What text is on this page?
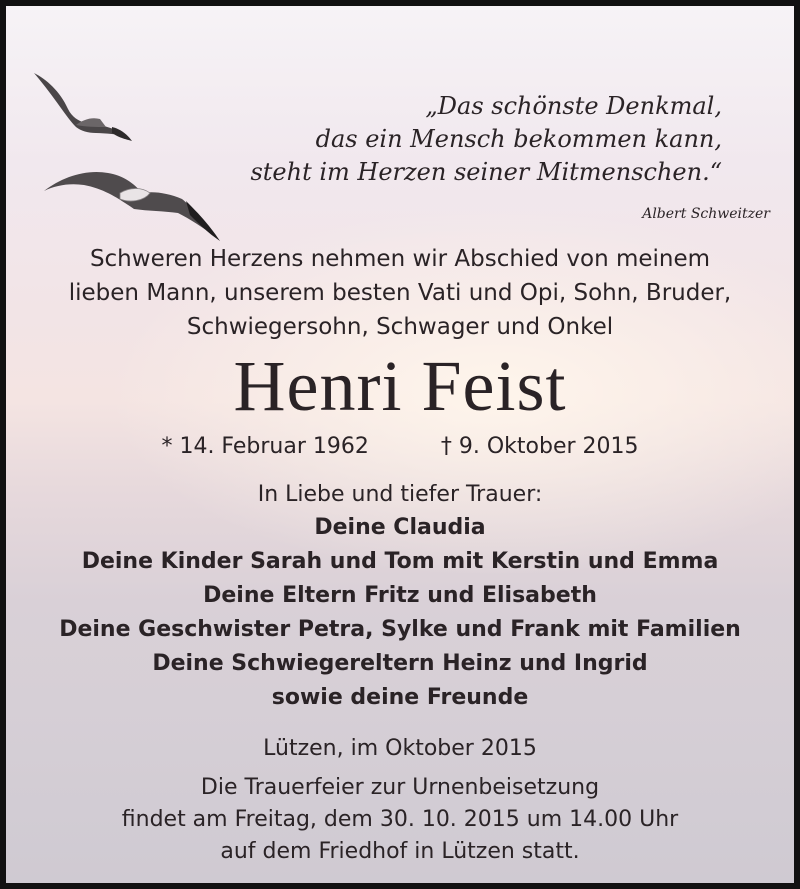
„Das schönste Denkmal,
das ein Mensch bekommen kann,
steht im Herzen seiner Mitmenschen.“
Albert Schweitzer
Schweren Herzens nehmen wir Abschied von meinem
lieben Mann, unserem besten Vati und Opi, Sohn, Bruder,
Schwiegersohn, Schwager und Onkel
Henri Feist
* 14. Februar 1962	† 9. Oktober 2015
In Liebe und tiefer Trauer:
Deine Claudia
Deine Kinder Sarah und Tom mit Kerstin und Emma
Deine Eltern Fritz und Elisabeth
Deine Geschwister Petra, Sylke und Frank mit Familien
Deine Schwiegereltern Heinz und Ingrid
sowie deine Freunde
Lützen, im Oktober 2015
Die Trauerfeier zur Urnenbeisetzung
findet am Freitag, dem 30. 10. 2015 um 14.00 Uhr
auf dem Friedhof in Lützen statt.
